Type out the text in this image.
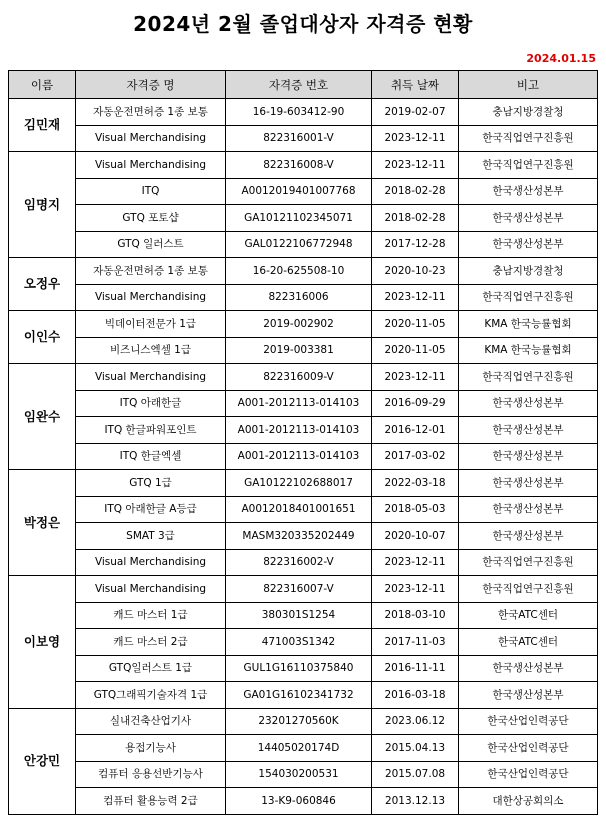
2024년 2월 졸업대상자 자격증 현황
2024.01.15
이름	자격증 명	자격증 번호	취득 날짜	비고
김민재	자동운전면허증 1종 보통	16-19-603412-90	2019-02-07	충남지방경찰청
	Visual Merchandising	822316001-V	2023-12-11	한국직업연구진흥원
임명지	Visual Merchandising	822316008-V	2023-12-11	한국직업연구진흥원
	ITQ	A0012019401007768	2018-02-28	한국생산성본부
	GTQ 포토샵	GA10121102345071	2018-02-28	한국생산성본부
	GTQ 일러스트	GAL0122106772948	2017-12-28	한국생산성본부
오정우	자동운전면허증 1종 보통	16-20-625508-10	2020-10-23	충남지방경찰청
	Visual Merchandising	822316006	2023-12-11	한국직업연구진흥원
이인수	빅데이터전문가 1급	2019-002902	2020-11-05	KMA 한국능률협회
	비즈니스엑셀 1급	2019-003381	2020-11-05	KMA 한국능률협회
임완수	Visual Merchandising	822316009-V	2023-12-11	한국직업연구진흥원
	ITQ 아래한글	A001-2012113-014103	2016-09-29	한국생산성본부
	ITQ 한글파워포인트	A001-2012113-014103	2016-12-01	한국생산성본부
	ITQ 한글엑셀	A001-2012113-014103	2017-03-02	한국생산성본부
박정은	GTQ 1급	GA10122102688017	2022-03-18	한국생산성본부
	ITQ 아래한글 A등급	A0012018401001651	2018-05-03	한국생산성본부
	SMAT 3급	MASM320335202449	2020-10-07	한국생산성본부
	Visual Merchandising	822316002-V	2023-12-11	한국직업연구진흥원
이보영	Visual Merchandising	822316007-V	2023-12-11	한국직업연구진흥원
	캐드 마스터 1급	380301S1254	2018-03-10	한국ATC센터
	캐드 마스터 2급	471003S1342	2017-11-03	한국ATC센터
	GTQ일러스트 1급	GUL1G16110375840	2016-11-11	한국생산성본부
	GTQ그래픽기술자격 1급	GA01G16102341732	2016-03-18	한국생산성본부
안강민	실내건축산업기사	23201270560K	2023.06.12	한국산업인력공단
	용접기능사	14405020174D	2015.04.13	한국산업인력공단
	컴퓨터 응용선반기능사	154030200531	2015.07.08	한국산업인력공단
	컴퓨터 활용능력 2급	13-K9-060846	2013.12.13	대한상공회의소
